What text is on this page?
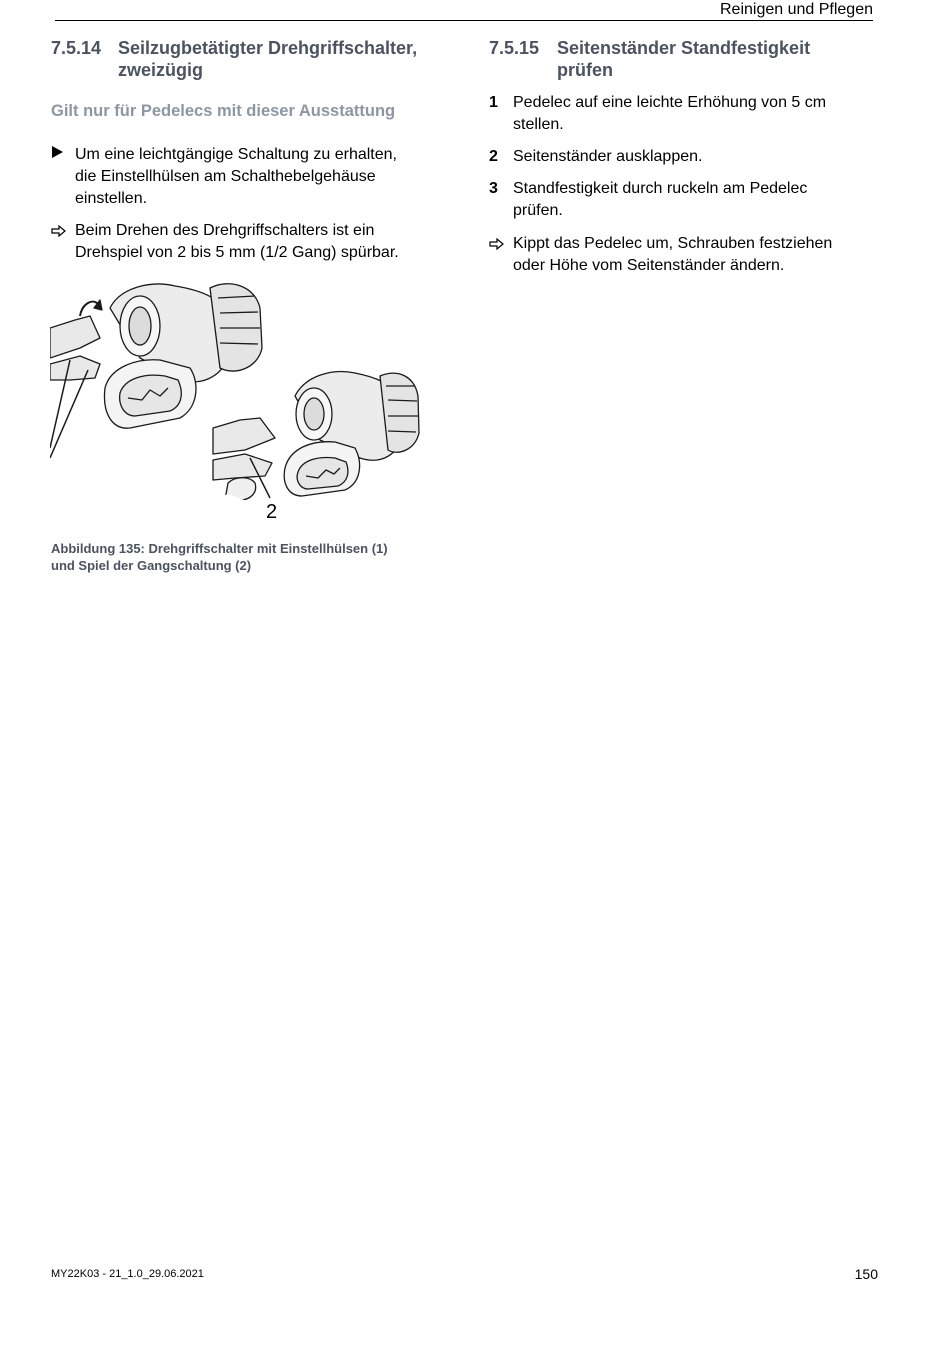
Reinigen und Pflegen
7.5.14 Seilzugbetätigter Drehgriffschalter,
zweizügig
Gilt nur für Pedelecs mit dieser Ausstattung
Um eine leichtgängige Schaltung zu erhalten,
die Einstellhülsen am Schalthebelgehäuse
einstellen.
Beim Drehen des Drehgriffschalters ist ein
Drehspiel von 2 bis 5 mm (1/2 Gang) spürbar.
2
Abbildung 135: Drehgriffschalter mit Einstellhülsen (1)
und Spiel der Gangschaltung (2)
7.5.15 Seitenständer Standfestigkeit
prüfen
1 Pedelec auf eine leichte Erhöhung von 5 cm
stellen.
2 Seitenständer ausklappen.
3 Standfestigkeit durch ruckeln am Pedelec
prüfen.
Kippt das Pedelec um, Schrauben festziehen
oder Höhe vom Seitenständer ändern.
MY22K03 - 21_1.0_29.06.2021	150
